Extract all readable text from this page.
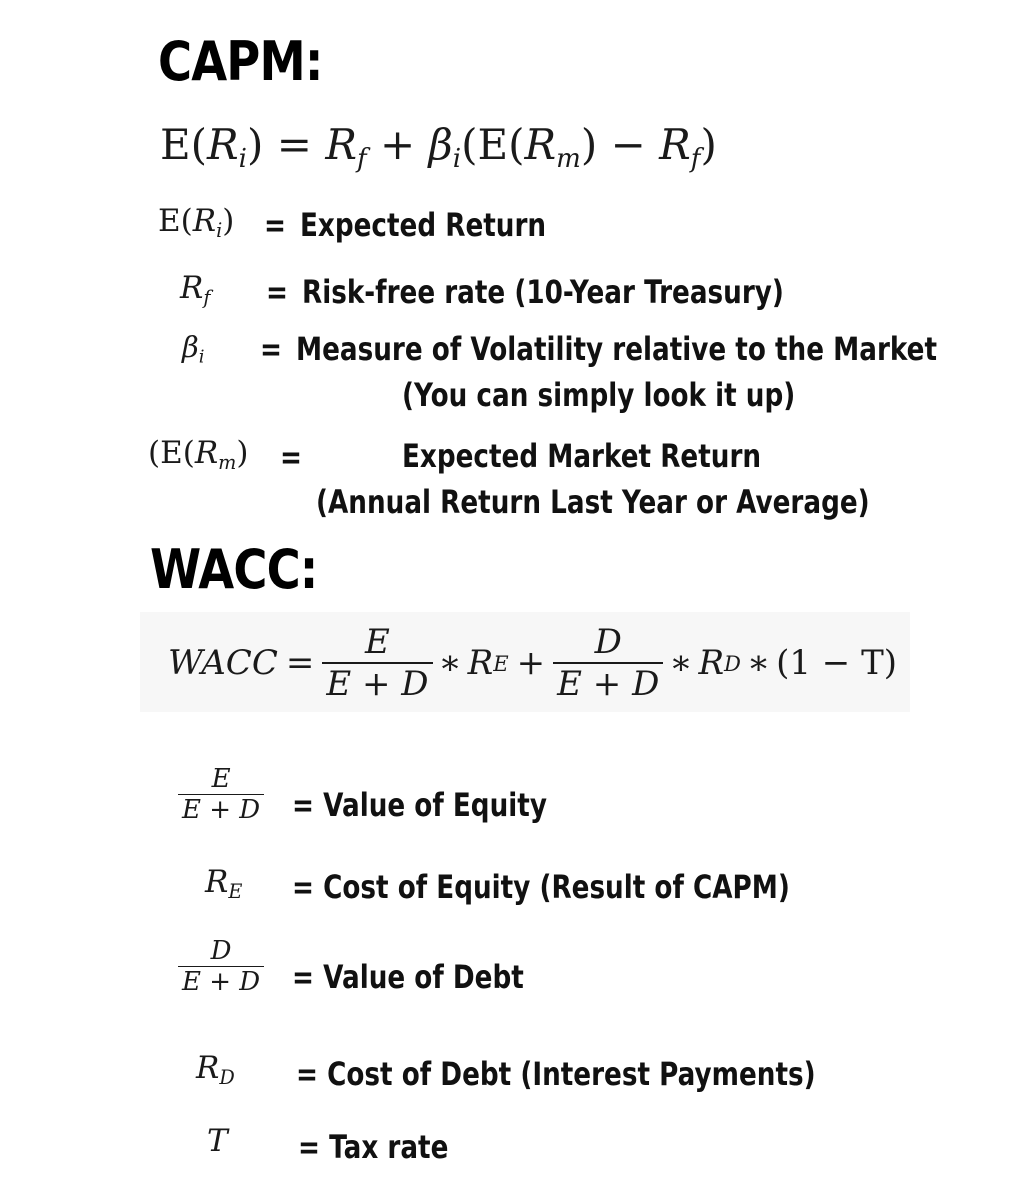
CAPM:
$E(R_i) = R_f + \beta_i(E(R_m) - R_f)$
$E(R_i)$ = Expected Return
$R_f$ = Risk-free rate (10-Year Treasury)
$\beta_i$ = Measure of Volatility relative to the Market
(You can simply look it up)
($E(R_m)$ =	Expected Market Return
(Annual Return Last Year or Average)
WACC:
WACC = $\frac{E}{E + D}$ ∗ R $E + \frac{D}{E + D}$ ∗ R D ∗ (1 − T)
$\frac{E}{E + D}$ = Value of Equity
$R_E$ = Cost of Equity (Result of CAPM)
$\frac{D}{E + D}$ = Value of Debt
$R_D$ = Cost of Debt (Interest Payments)
T = Tax rate
